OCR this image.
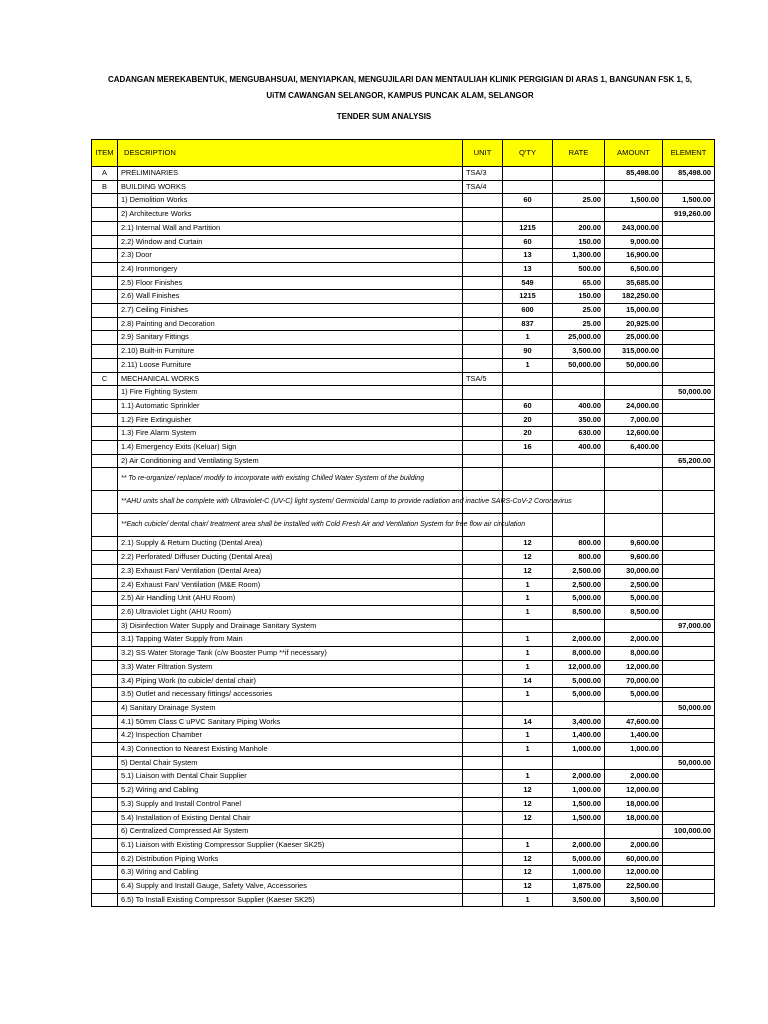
CADANGAN MEREKABENTUK, MENGUBAHSUAI, MENYIAPKAN, MENGUJILARI DAN MENTAULIAH KLINIK PERGIGIAN DI ARAS 1, BANGUNAN FSK 1, 5, UiTM CAWANGAN SELANGOR, KAMPUS PUNCAK ALAM, SELANGOR
TENDER SUM ANALYSIS
ITEM	DESCRIPTION	UNIT	Q'TY	RATE	AMOUNT	ELEMENT
A	PRELIMINARIES	TSA/3			85,498.00	85,498.00
B	BUILDING WORKS	TSA/4				
	1) Demolition Works		60	25.00	1,500.00	1,500.00
	2) Architecture Works					919,260.00
	2.1) Internal Wall and Partition		1215	200.00	243,000.00	
	2.2) Window and Curtain		60	150.00	9,000.00	
	2.3) Door		13	1,300.00	16,900.00	
	2.4) Ironmongery		13	500.00	6,500.00	
	2.5) Floor Finishes		549	65.00	35,685.00	
	2.6) Wall Finishes		1215	150.00	182,250.00	
	2.7) Ceiling Finishes		600	25.00	15,000.00	
	2.8) Painting and Decoration		837	25.00	20,925.00	
	2.9) Sanitary Fittings		1	25,000.00	25,000.00	
	2.10) Built-in Furniture		90	3,500.00	315,000.00	
	2.11) Loose Furniture		1	50,000.00	50,000.00	
C	MECHANICAL WORKS	TSA/5				
	1) Fire Fighting System					50,000.00
	1.1) Automatic Sprinkler		60	400.00	24,000.00	
	1.2) Fire Extinguisher		20	350.00	7,000.00	
	1.3) Fire Alarm System		20	630.00	12,600.00	
	1.4) Emergency Exits (Keluar) Sign		16	400.00	6,400.00	
	2) Air Conditioning and Ventilating System					65,200.00
	** To re-organize/ replace/ modify to incorporate with existing Chilled Water System of the building					
	**AHU units shall be complete with Ultraviolet-C (UV-C) light system/ Germicidal Lamp to provide radiation and inactive SARS-CoV-2 Coronavirus					
	**Each cubicle/ dental chair/ treatment area shall be installed with Cold Fresh Air and Ventilation System for free flow air circulation					
	2.1) Supply & Return Ducting (Dental Area)		12	800.00	9,600.00	
	2.2) Perforated/ Diffuser Ducting (Dental Area)		12	800.00	9,600.00	
	2.3) Exhaust Fan/ Ventilation (Dental Area)		12	2,500.00	30,000.00	
	2.4) Exhaust Fan/ Ventilation (M&E Room)		1	2,500.00	2,500.00	
	2.5) Air Handling Unit (AHU Room)		1	5,000.00	5,000.00	
	2.6) Ultraviolet Light (AHU Room)		1	8,500.00	8,500.00	
	3) Disinfection Water Supply and Drainage Sanitary System					97,000.00
	3.1) Tapping Water Supply from Main		1	2,000.00	2,000.00	
	3.2) SS Water Storage Tank (c/w Booster Pump **if necessary)		1	8,000.00	8,000.00	
	3.3) Water Filtration System		1	12,000.00	12,000.00	
	3.4) Piping Work (to cubicle/ dental chair)		14	5,000.00	70,000.00	
	3.5) Outlet and necessary fittings/ accessories		1	5,000.00	5,000.00	
	4) Sanitary Drainage System					50,000.00
	4.1) 50mm Class C uPVC Sanitary Piping Works		14	3,400.00	47,600.00	
	4.2) Inspection Chamber		1	1,400.00	1,400.00	
	4.3) Connection to Nearest Existing Manhole		1	1,000.00	1,000.00	
	5) Dental Chair System					50,000.00
	5.1) Liaison with Dental Chair Supplier		1	2,000.00	2,000.00	
	5.2) Wiring and Cabling		12	1,000.00	12,000.00	
	5.3) Supply and Install Control Panel		12	1,500.00	18,000.00	
	5.4) Installation of Existing Dental Chair		12	1,500.00	18,000.00	
	6) Centralized Compressed Air System					100,000.00
	6.1) Liaison with Existing Compressor Supplier (Kaeser SK25)		1	2,000.00	2,000.00	
	6.2) Distribution Piping Works		12	5,000.00	60,000.00	
	6.3) Wiring and Cabling		12	1,000.00	12,000.00	
	6.4) Supply and Install Gauge, Safety Valve, Accessories		12	1,875.00	22,500.00	
	6.5) To Install Existing Compressor Supplier (Kaeser SK25)		1	3,500.00	3,500.00	
